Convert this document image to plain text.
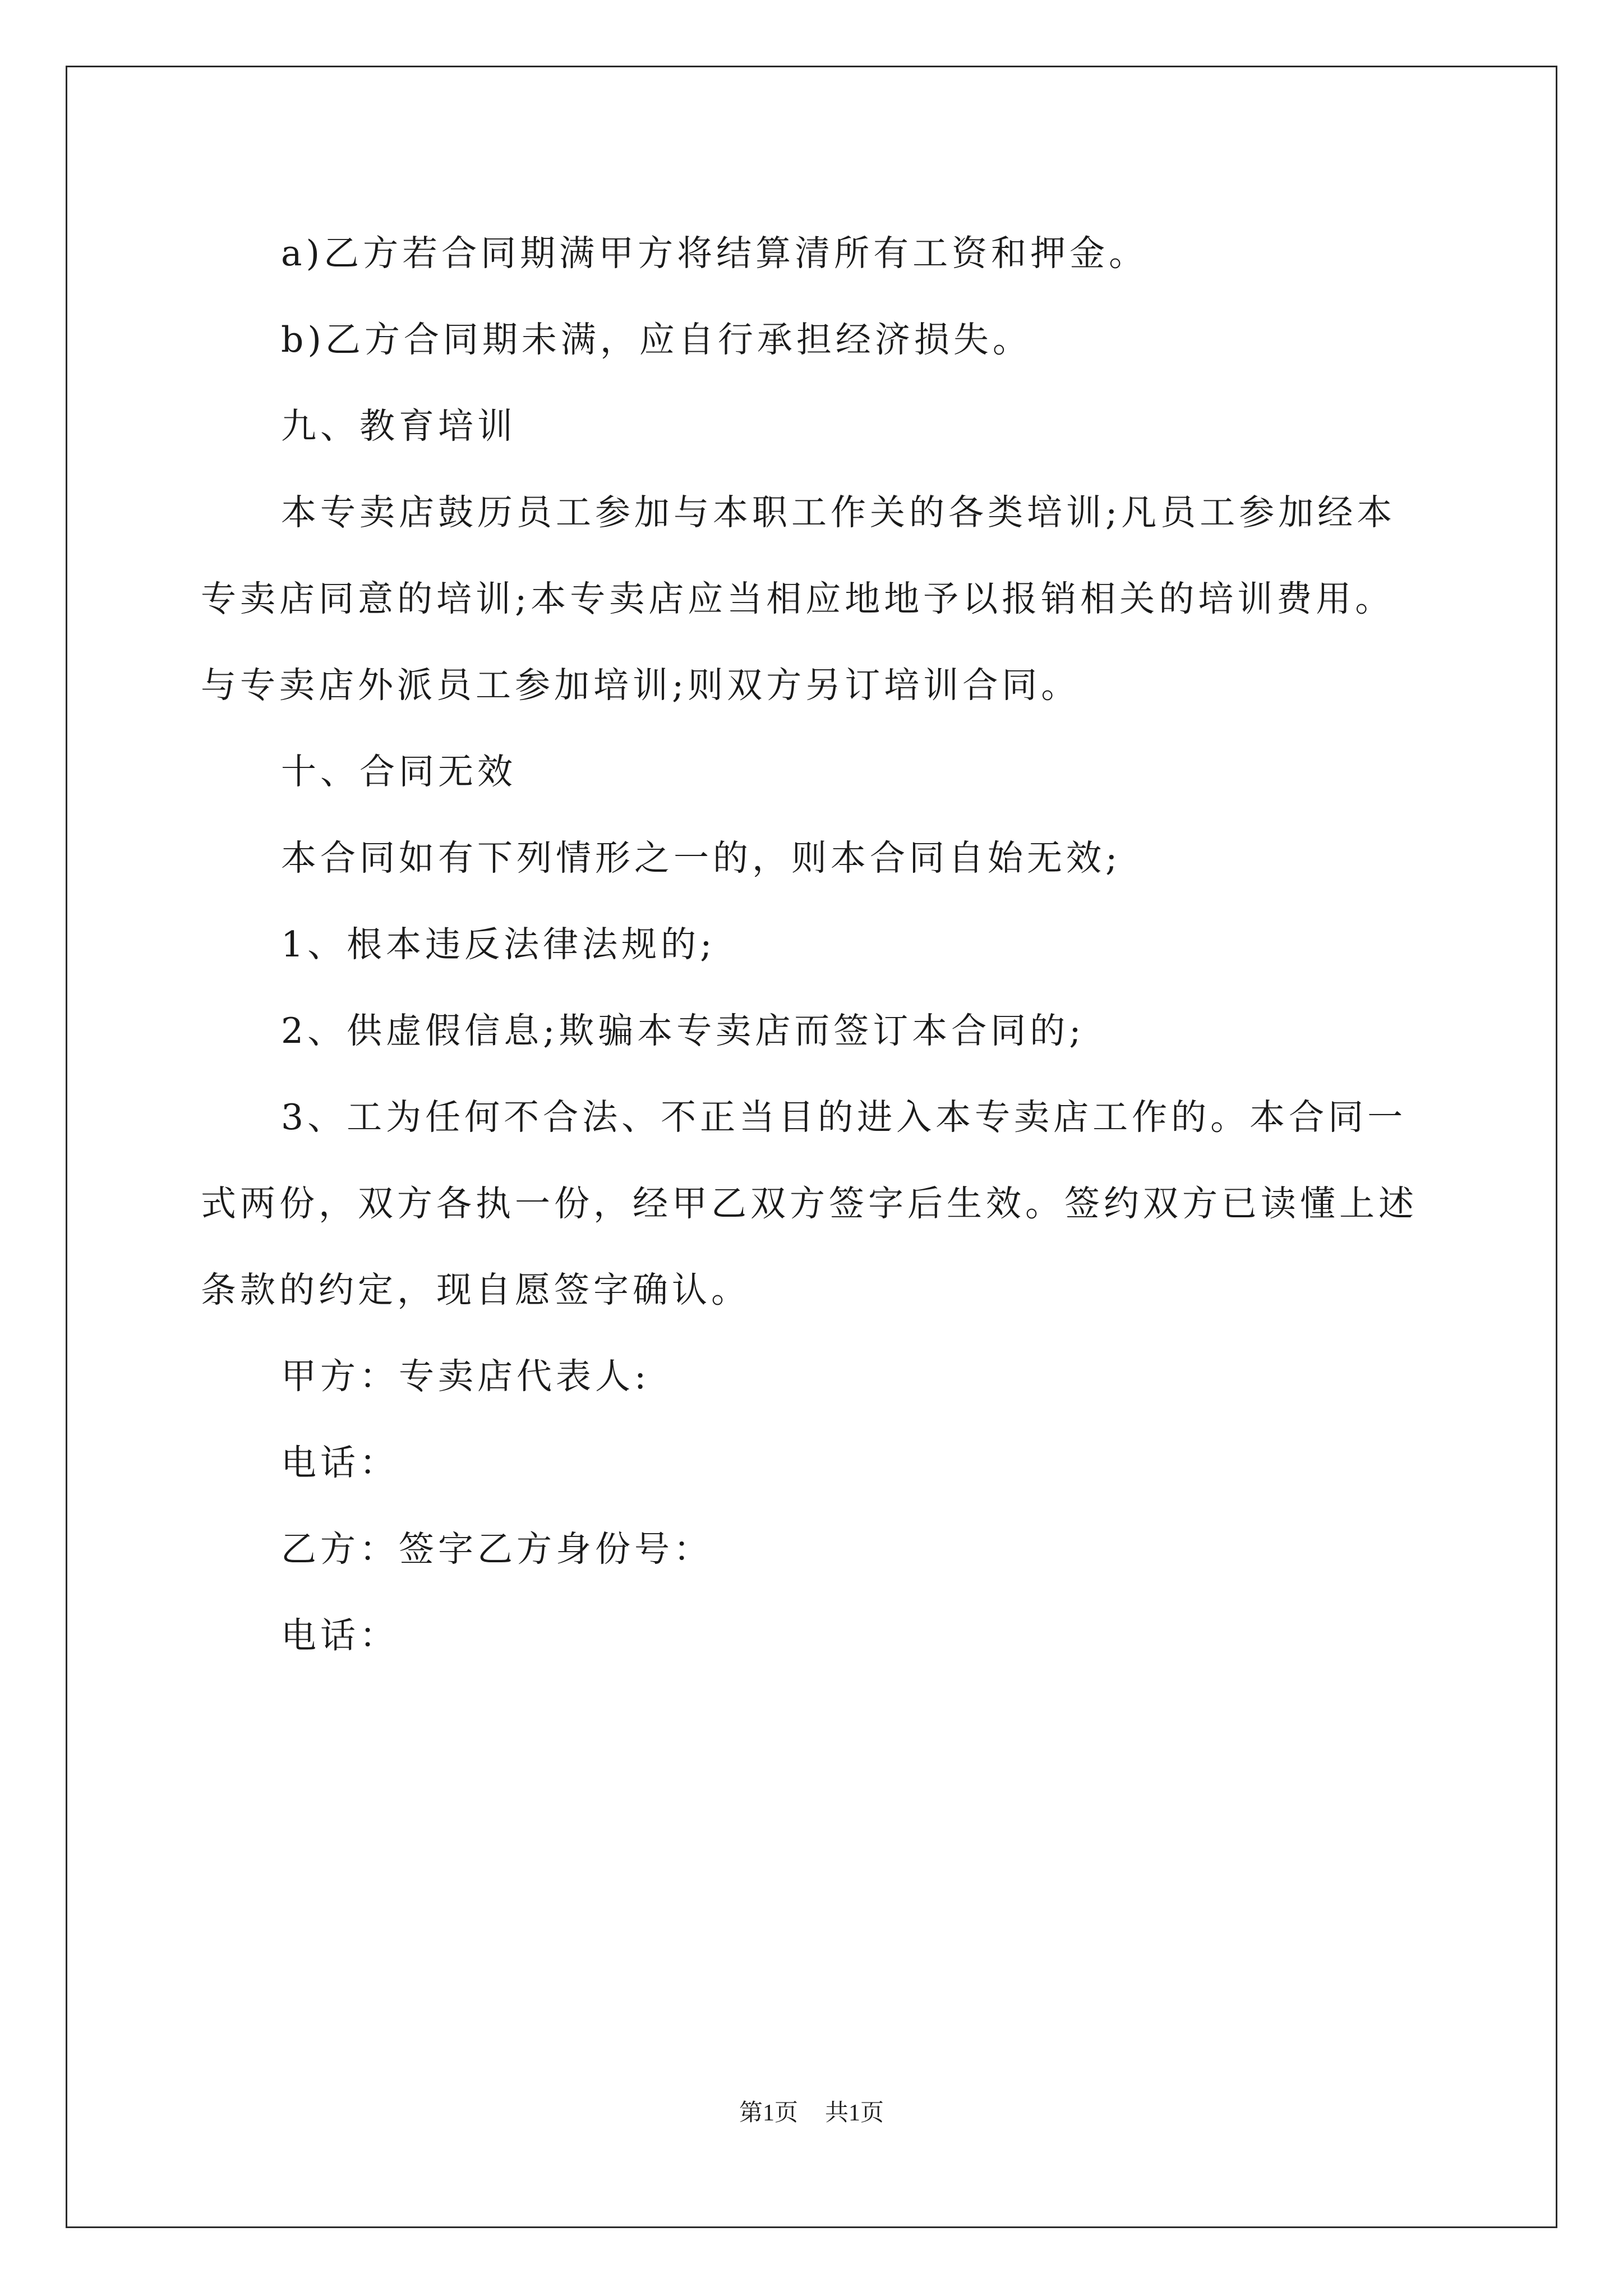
a)乙方若合同期满甲方将结算清所有工资和押金。

b)乙方合同期未满，应自行承担经济损失。

九、教育培训

本专卖店鼓历员工参加与本职工作关的各类培训;凡员工参加经本专卖店同意的培训;本专卖店应当相应地地予以报销相关的培训费用。与专卖店外派员工参加培训;则双方另订培训合同。

十、合同无效

本合同如有下列情形之一的，则本合同自始无效;

1、根本违反法律法规的;

2、供虚假信息;欺骗本专卖店而签订本合同的;

3、工为任何不合法、不正当目的进入本专卖店工作的。本合同一式两份，双方各执一份，经甲乙双方签字后生效。签约双方已读懂上述条款的约定，现自愿签字确认。

甲方：专卖店代表人:

电话：

乙方：签字乙方身份号：

电话：

第1页 共1页
